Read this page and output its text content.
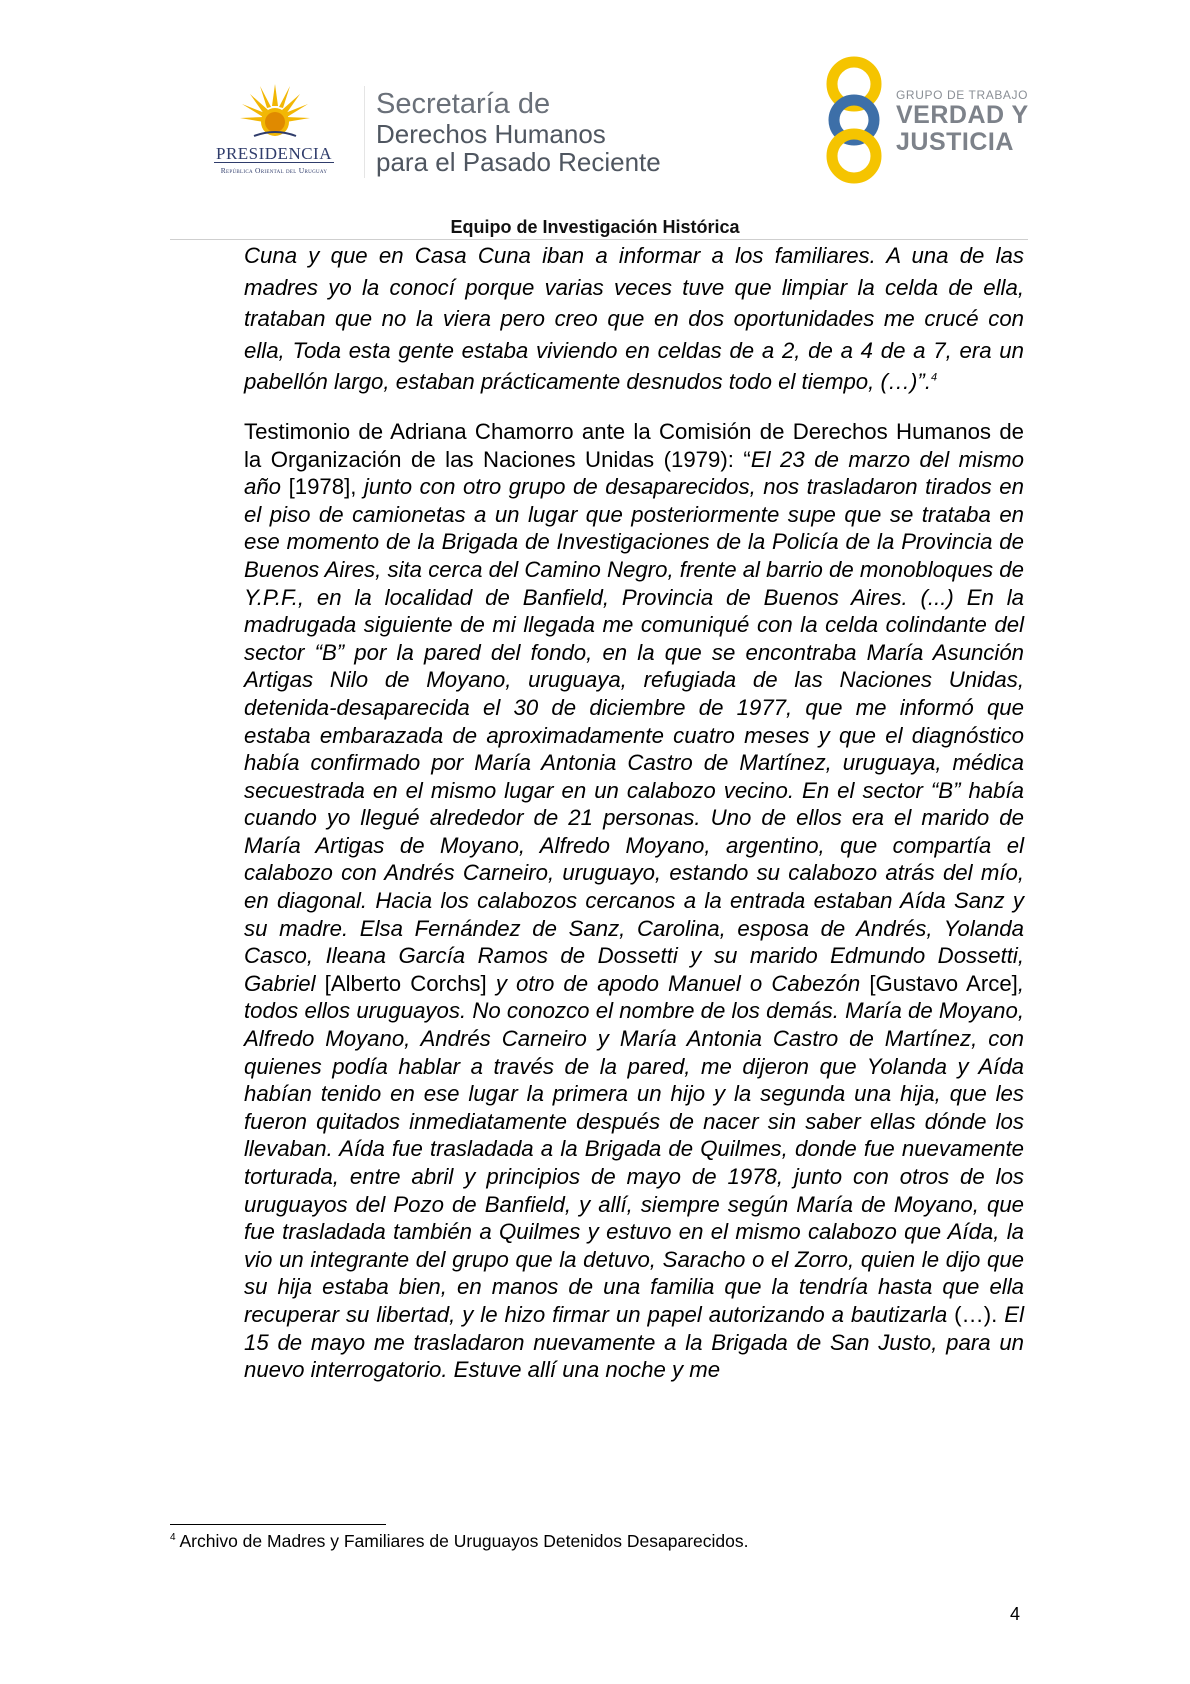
PRESIDENCIA
República Oriental del Uruguay
Secretaría de
Derechos Humanos
para el Pasado Reciente
GRUPO DE TRABAJO
VERDAD Y
JUSTICIA
Equipo de Investigación Histórica

Cuna y que en Casa Cuna iban a informar a los familiares. A una de las madres yo la conocí porque varias veces tuve que limpiar la celda de ella, trataban que no la viera pero creo que en dos oportunidades me crucé con ella, Toda esta gente estaba viviendo en celdas de a 2, de a 4 de a 7, era un pabellón largo, estaban prácticamente desnudos todo el tiempo, (…)”.$^4$

Testimonio de Adriana Chamorro ante la Comisión de Derechos Humanos de la Organización de las Naciones Unidas (1979): “El 23 de marzo del mismo año [1978], junto con otro grupo de desaparecidos, nos trasladaron tirados en el piso de camionetas a un lugar que posteriormente supe que se trataba en ese momento de la Brigada de Investigaciones de la Policía de la Provincia de Buenos Aires, sita cerca del Camino Negro, frente al barrio de monobloques de Y.P.F., en la localidad de Banfield, Provincia de Buenos Aires. (...) En la madrugada siguiente de mi llegada me comuniqué con la celda colindante del sector “B” por la pared del fondo, en la que se encontraba María Asunción Artigas Nilo de Moyano, uruguaya, refugiada de las Naciones Unidas, detenida-desaparecida el 30 de diciembre de 1977, que me informó que estaba embarazada de aproximadamente cuatro meses y que el diagnóstico había confirmado por María Antonia Castro de Martínez, uruguaya, médica secuestrada en el mismo lugar en un calabozo vecino. En el sector “B” había cuando yo llegué alrededor de 21 personas. Uno de ellos era el marido de María Artigas de Moyano, Alfredo Moyano, argentino, que compartía el calabozo con Andrés Carneiro, uruguayo, estando su calabozo atrás del mío, en diagonal. Hacia los calabozos cercanos a la entrada estaban Aída Sanz y su madre. Elsa Fernández de Sanz, Carolina, esposa de Andrés, Yolanda Casco, Ileana García Ramos de Dossetti y su marido Edmundo Dossetti, Gabriel [Alberto Corchs] y otro de apodo Manuel o Cabezón [Gustavo Arce], todos ellos uruguayos. No conozco el nombre de los demás. María de Moyano, Alfredo Moyano, Andrés Carneiro y María Antonia Castro de Martínez, con quienes podía hablar a través de la pared, me dijeron que Yolanda y Aída habían tenido en ese lugar la primera un hijo y la segunda una hija, que les fueron quitados inmediatamente después de nacer sin saber ellas dónde los llevaban. Aída fue trasladada a la Brigada de Quilmes, donde fue nuevamente torturada, entre abril y principios de mayo de 1978, junto con otros de los uruguayos del Pozo de Banfield, y allí, siempre según María de Moyano, que fue trasladada también a Quilmes y estuvo en el mismo calabozo que Aída, la vio un integrante del grupo que la detuvo, Saracho o el Zorro, quien le dijo que su hija estaba bien, en manos de una familia que la tendría hasta que ella recuperar su libertad, y le hizo firmar un papel autorizando a bautizarla (…). El 15 de mayo me trasladaron nuevamente a la Brigada de San Justo, para un nuevo interrogatorio. Estuve allí una noche y me

$^4$ Archivo de Madres y Familiares de Uruguayos Detenidos Desaparecidos.
4
